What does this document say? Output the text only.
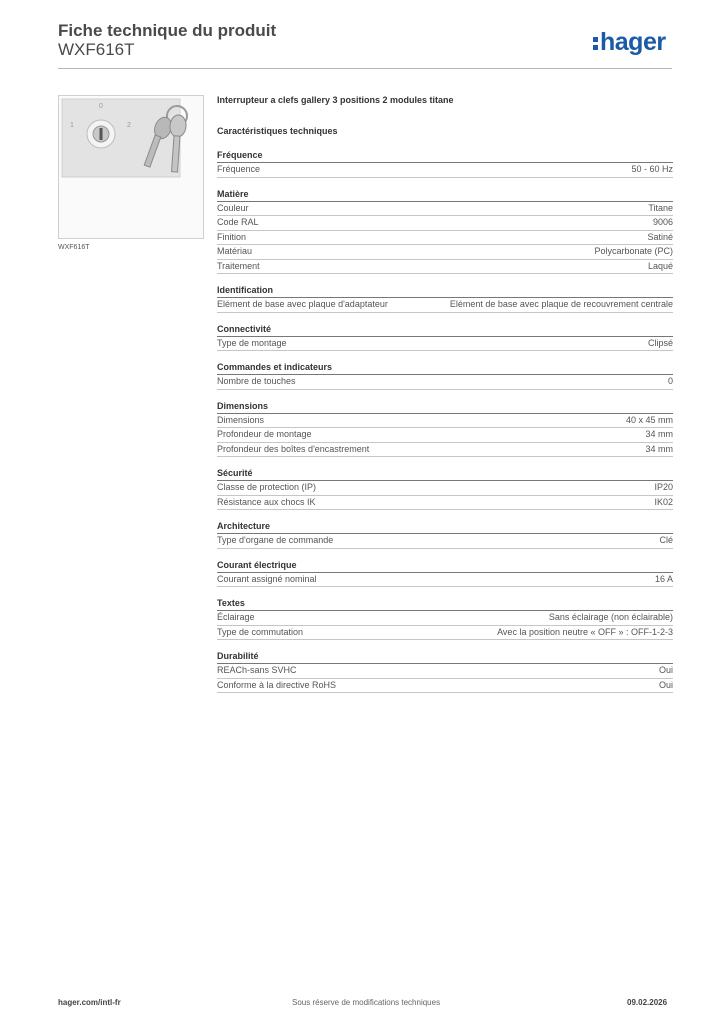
Fiche technique du produit
WXF616T	hager
0
1	2
WXF616T
Interrupteur a clefs gallery 3 positions 2 modules titane
Caractéristiques techniques
Fréquence
Fréquence	50 - 60 Hz
Matière
Couleur	Titane
Code RAL	9006
Finition	Satiné
Matériau	Polycarbonate (PC)
Traitement	Laqué
Identification
Elément de base avec plaque d'adaptateur	Elément de base avec plaque de recouvrement centrale
Connectivité
Type de montage	Clipsé
Commandes et indicateurs
Nombre de touches	0
Dimensions
Dimensions	40 x 45 mm
Profondeur de montage	34 mm
Profondeur des boîtes d'encastrement	34 mm
Sécurité
Classe de protection (IP)	IP20
Résistance aux chocs IK	IK02
Architecture
Type d'organe de commande	Clé
Courant électrique
Courant assigné nominal	16 A
Textes
Éclairage	Sans éclairage (non éclairable)
Type de commutation	Avec la position neutre « OFF » : OFF-1-2-3
Durabilité
REACh-sans SVHC	Oui
Conforme à la directive RoHS	Oui
hager.com/intl-fr	Sous réserve de modifications techniques	09.02.2026
